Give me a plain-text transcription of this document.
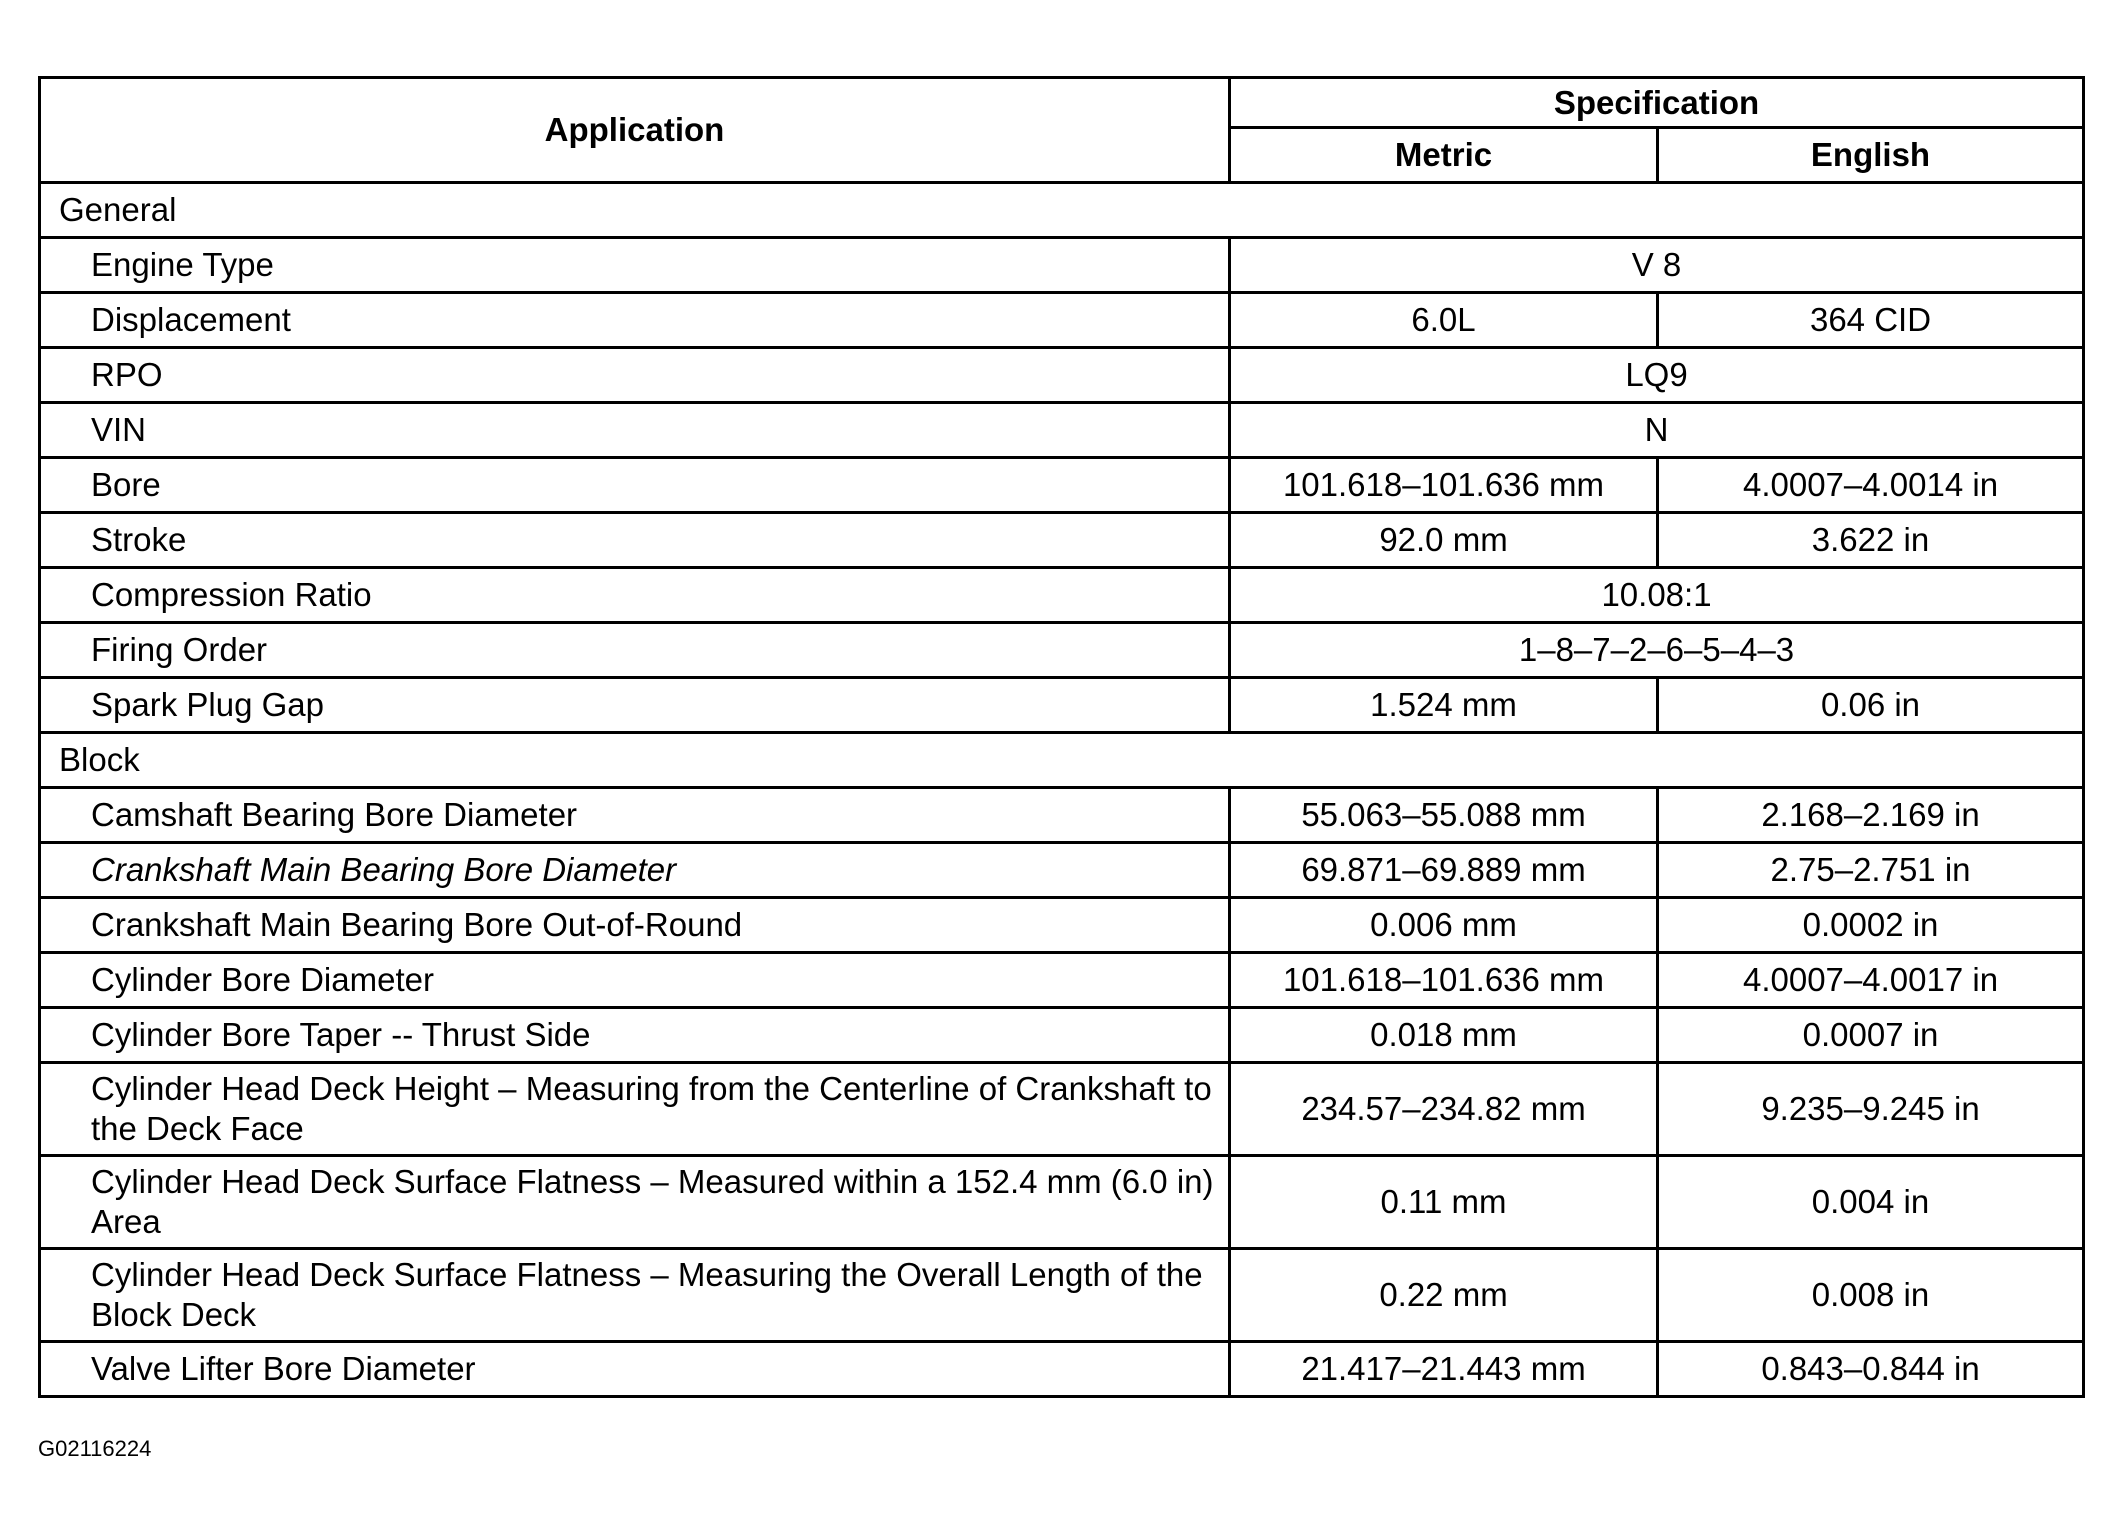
Application	Specification	
	Metric	English
General		
Engine Type	V 8	
Displacement	6.0L	364 CID
RPO	LQ9	
VIN	N	
Bore	101.618–101.636 mm	4.0007–4.0014 in
Stroke	92.0 mm	3.622 in
Compression Ratio	10.08:1	
Firing Order	1–8–7–2–6–5–4–3	
Spark Plug Gap	1.524 mm	0.06 in
Block		
Camshaft Bearing Bore Diameter	55.063–55.088 mm	2.168–2.169 in
Crankshaft Main Bearing Bore Diameter	69.871–69.889 mm	2.75–2.751 in
Crankshaft Main Bearing Bore Out-of-Round	0.006 mm	0.0002 in
Cylinder Bore Diameter	101.618–101.636 mm	4.0007–4.0017 in
Cylinder Bore Taper -- Thrust Side	0.018 mm	0.0007 in
Cylinder Head Deck Height – Measuring from the Centerline of Crankshaft to the Deck Face	234.57–234.82 mm	9.235–9.245 in
Cylinder Head Deck Surface Flatness – Measured within a 152.4 mm (6.0 in) Area	0.11 mm	0.004 in
Cylinder Head Deck Surface Flatness – Measuring the Overall Length of the Block Deck	0.22 mm	0.008 in
Valve Lifter Bore Diameter	21.417–21.443 mm	0.843–0.844 in
G02116224
